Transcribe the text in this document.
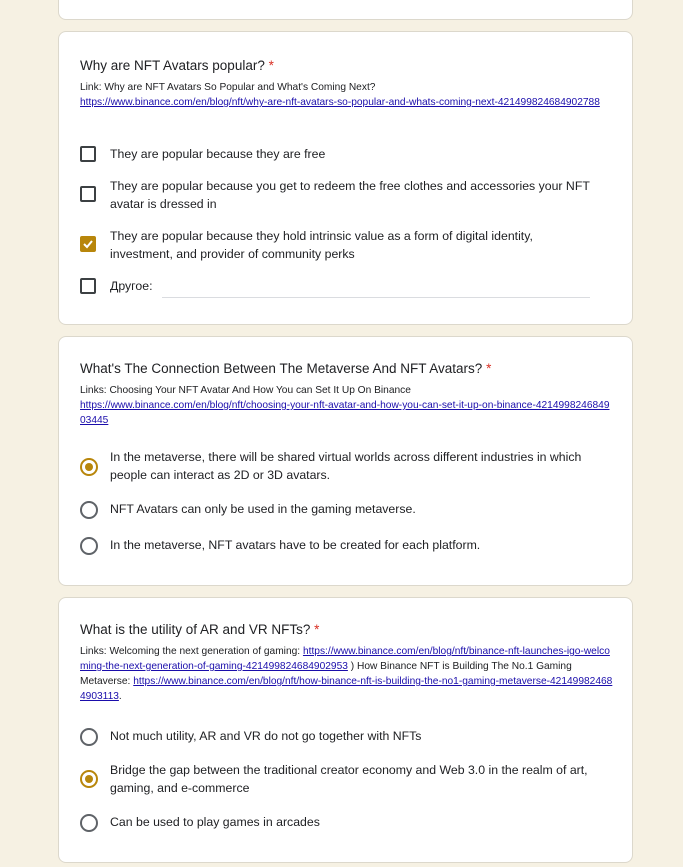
Why are NFT Avatars popular? *
Link: Why are NFT Avatars So Popular and What's Coming Next?
https://www.binance.com/en/blog/nft/why-are-nft-avatars-so-popular-and-whats-coming-next-421499824684902788
They are popular because they are free
They are popular because you get to redeem the free clothes and accessories your NFT avatar is dressed in
They are popular because they hold intrinsic value as a form of digital identity, investment, and provider of community perks
Другое:
What's The Connection Between The Metaverse And NFT Avatars? *
Links: Choosing Your NFT Avatar And How You can Set It Up On Binance
https://www.binance.com/en/blog/nft/choosing-your-nft-avatar-and-how-you-can-set-it-up-on-binance-421499824684903445
In the metaverse, there will be shared virtual worlds across different industries in which people can interact as 2D or 3D avatars.
NFT Avatars can only be used in the gaming metaverse.
In the metaverse, NFT avatars have to be created for each platform.
What is the utility of AR and VR NFTs? *
Links: Welcoming the next generation of gaming: https://www.binance.com/en/blog/nft/binance-nft-launches-igo-welcoming-the-next-generation-of-gaming-421499824684902953 ) How Binance NFT is Building The No.1 Gaming Metaverse: https://www.binance.com/en/blog/nft/how-binance-nft-is-building-the-no1-gaming-metaverse-421499824684903113.
Not much utility, AR and VR do not go together with NFTs
Bridge the gap between the traditional creator economy and Web 3.0 in the realm of art, gaming, and e-commerce
Can be used to play games in arcades
